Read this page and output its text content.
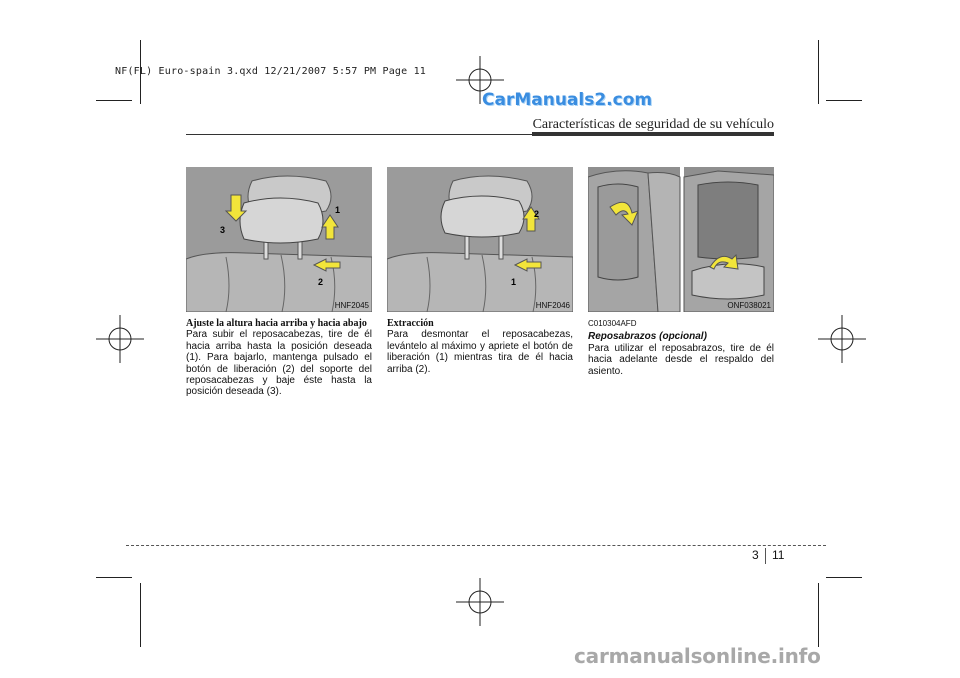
NF(FL) Euro-spain 3.qxd 12/21/2007 5:57 PM Page 11
CarManuals2.com
Características de seguridad de su vehículo
1
2
3
HNF2045
2
1
HNF2046	ONF038021
Ajuste la altura hacia arriba y hacia abajo

Para subir el reposacabezas, tire de él hacia arriba hasta la posición deseada (1). Para bajarlo, mantenga pulsado el botón de liberación (2) del soporte del reposacabezas y baje éste hasta la posición deseada (3).

Extracción

Para desmontar el reposacabezas, levántelo al máximo y apriete el botón de liberación (1) mientras tira de él hacia arriba (2).

C010304AFD
Reposabrazos (opcional)

Para utilizar el reposabrazos, tire de él hacia adelante desde el respaldo del asiento.

3 11
carmanualsonline.info
